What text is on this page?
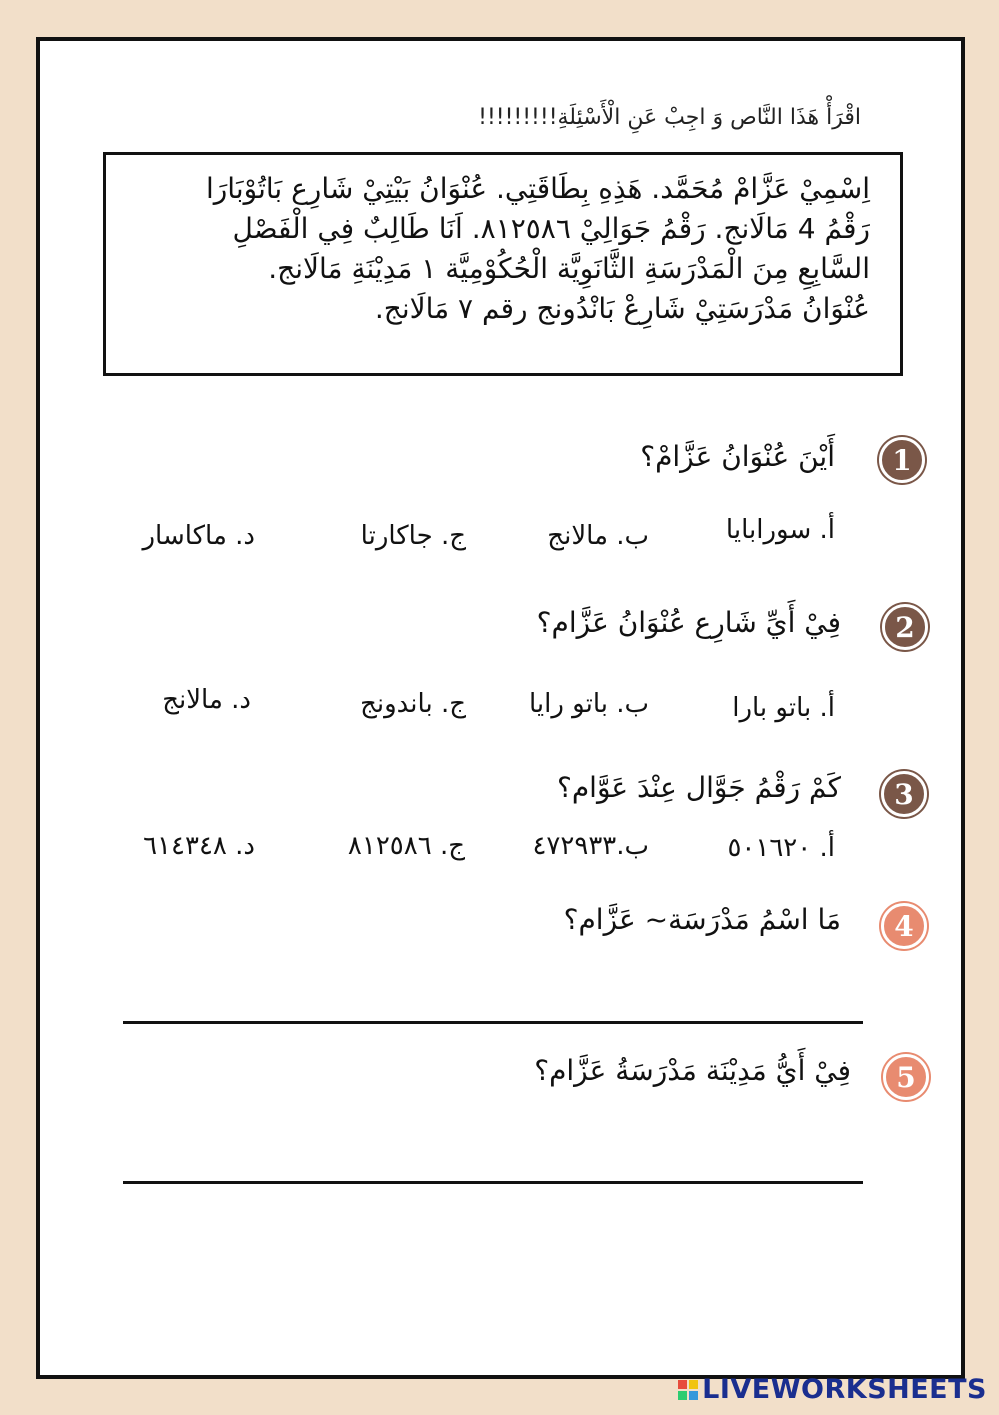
اقْرَأْ هَذَا النَّاص وَ اجِبْ عَنِ الْأَسْئِلَةِ!!!!!!!!!

اِسْمِيْ عَزَّامْ مُحَمَّد. هَذِهِ بِطَاقَتِي. عُنْوَانُ بَيْتِيْ شَارِع بَاتُوْبَارَا

رَقْمُ 4 مَالَانج. رَقْمُ جَوَالِيْ ٨١٢٥٨٦. اَنَا طَالِبٌ فِي الْفَصْلِ

السَّابِعِ مِنَ الْمَدْرَسَةِ الثَّانَوِيَّة الْحُكُوْمِيَّة ١ مَدِيْنَةِ مَالَانج.

عُنْوَانُ مَدْرَسَتِيْ شَارِعْ بَانْدُونج رقم ٧ مَالَانج.

1
أَيْنَ عُنْوَانُ عَزَّامْ؟
أ. سورابايا
ب. مالانج
ج. جاكارتا
د. ماكاسار
2
فِيْ أَيِّ شَارِع عُنْوَانُ عَزَّام؟
أ. باتو بارا
ب. باتو رايا
ج. باندونج
د. مالانج
3
كَمْ رَقْمُ جَوَّال عِنْدَ عَوَّام؟
أ. ٥٠١٦٢٠
ب.٤٧٢٩٣٣
ج. ٨١٢٥٨٦
د. ٦١٤٣٤٨
4
مَا اسْمُ مَدْرَسَة~ عَزَّام؟
5
فِيْ أَيُّ مَدِيْنَة مَدْرَسَةُ عَزَّام؟
LIVEWORKSHEETS
